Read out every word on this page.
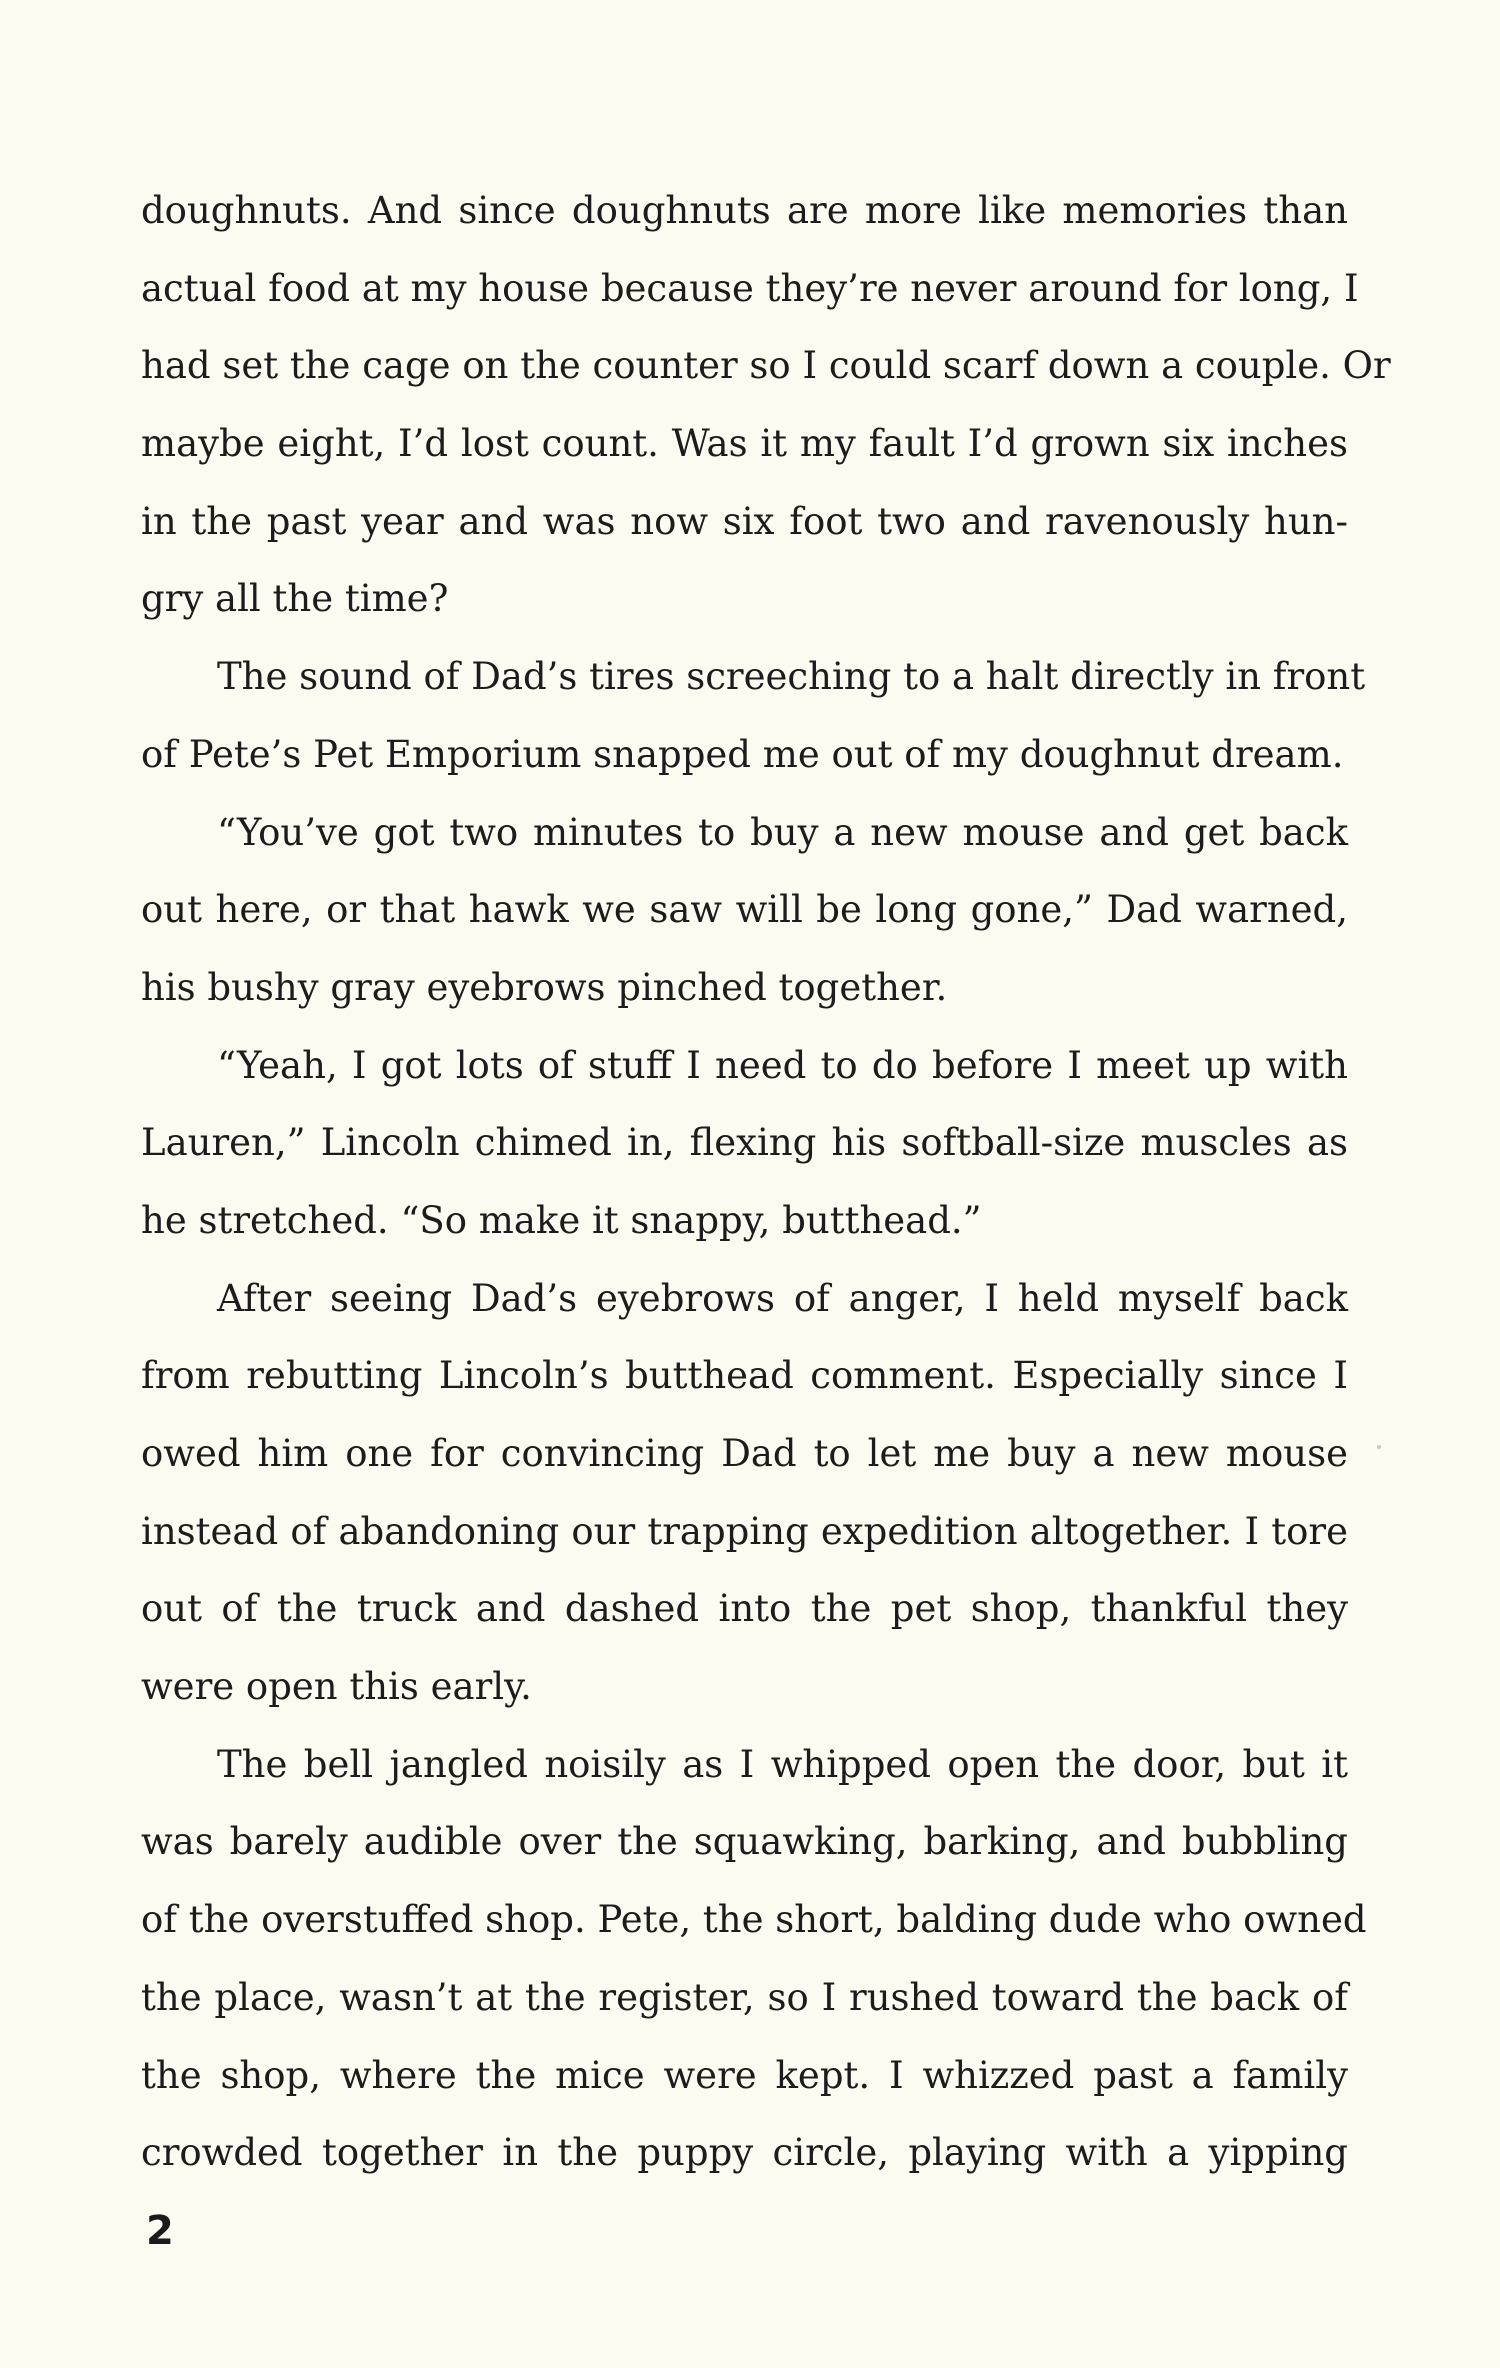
doughnuts. And since doughnuts are more like memories than
actual food at my house because they’re never around for long, I
had set the cage on the counter so I could scarf down a couple. Or
maybe eight, I’d lost count. Was it my fault I’d grown six inches
in the past year and was now six foot two and ravenously hun-
gry all the time?
The sound of Dad’s tires screeching to a halt directly in front
of Pete’s Pet Emporium snapped me out of my doughnut dream.
“You’ve got two minutes to buy a new mouse and get back
out here, or that hawk we saw will be long gone,” Dad warned,
his bushy gray eyebrows pinched together.
“Yeah, I got lots of stuff I need to do before I meet up with
Lauren,” Lincoln chimed in, flexing his softball-size muscles as
he stretched. “So make it snappy, butthead.”
After seeing Dad’s eyebrows of anger, I held myself back
from rebutting Lincoln’s butthead comment. Especially since I
owed him one for convincing Dad to let me buy a new mouse
instead of abandoning our trapping expedition altogether. I tore
out of the truck and dashed into the pet shop, thankful they
were open this early.
The bell jangled noisily as I whipped open the door, but it
was barely audible over the squawking, barking, and bubbling
of the overstuffed shop. Pete, the short, balding dude who owned
the place, wasn’t at the register, so I rushed toward the back of
the shop, where the mice were kept. I whizzed past a family
crowded together in the puppy circle, playing with a yipping
2
